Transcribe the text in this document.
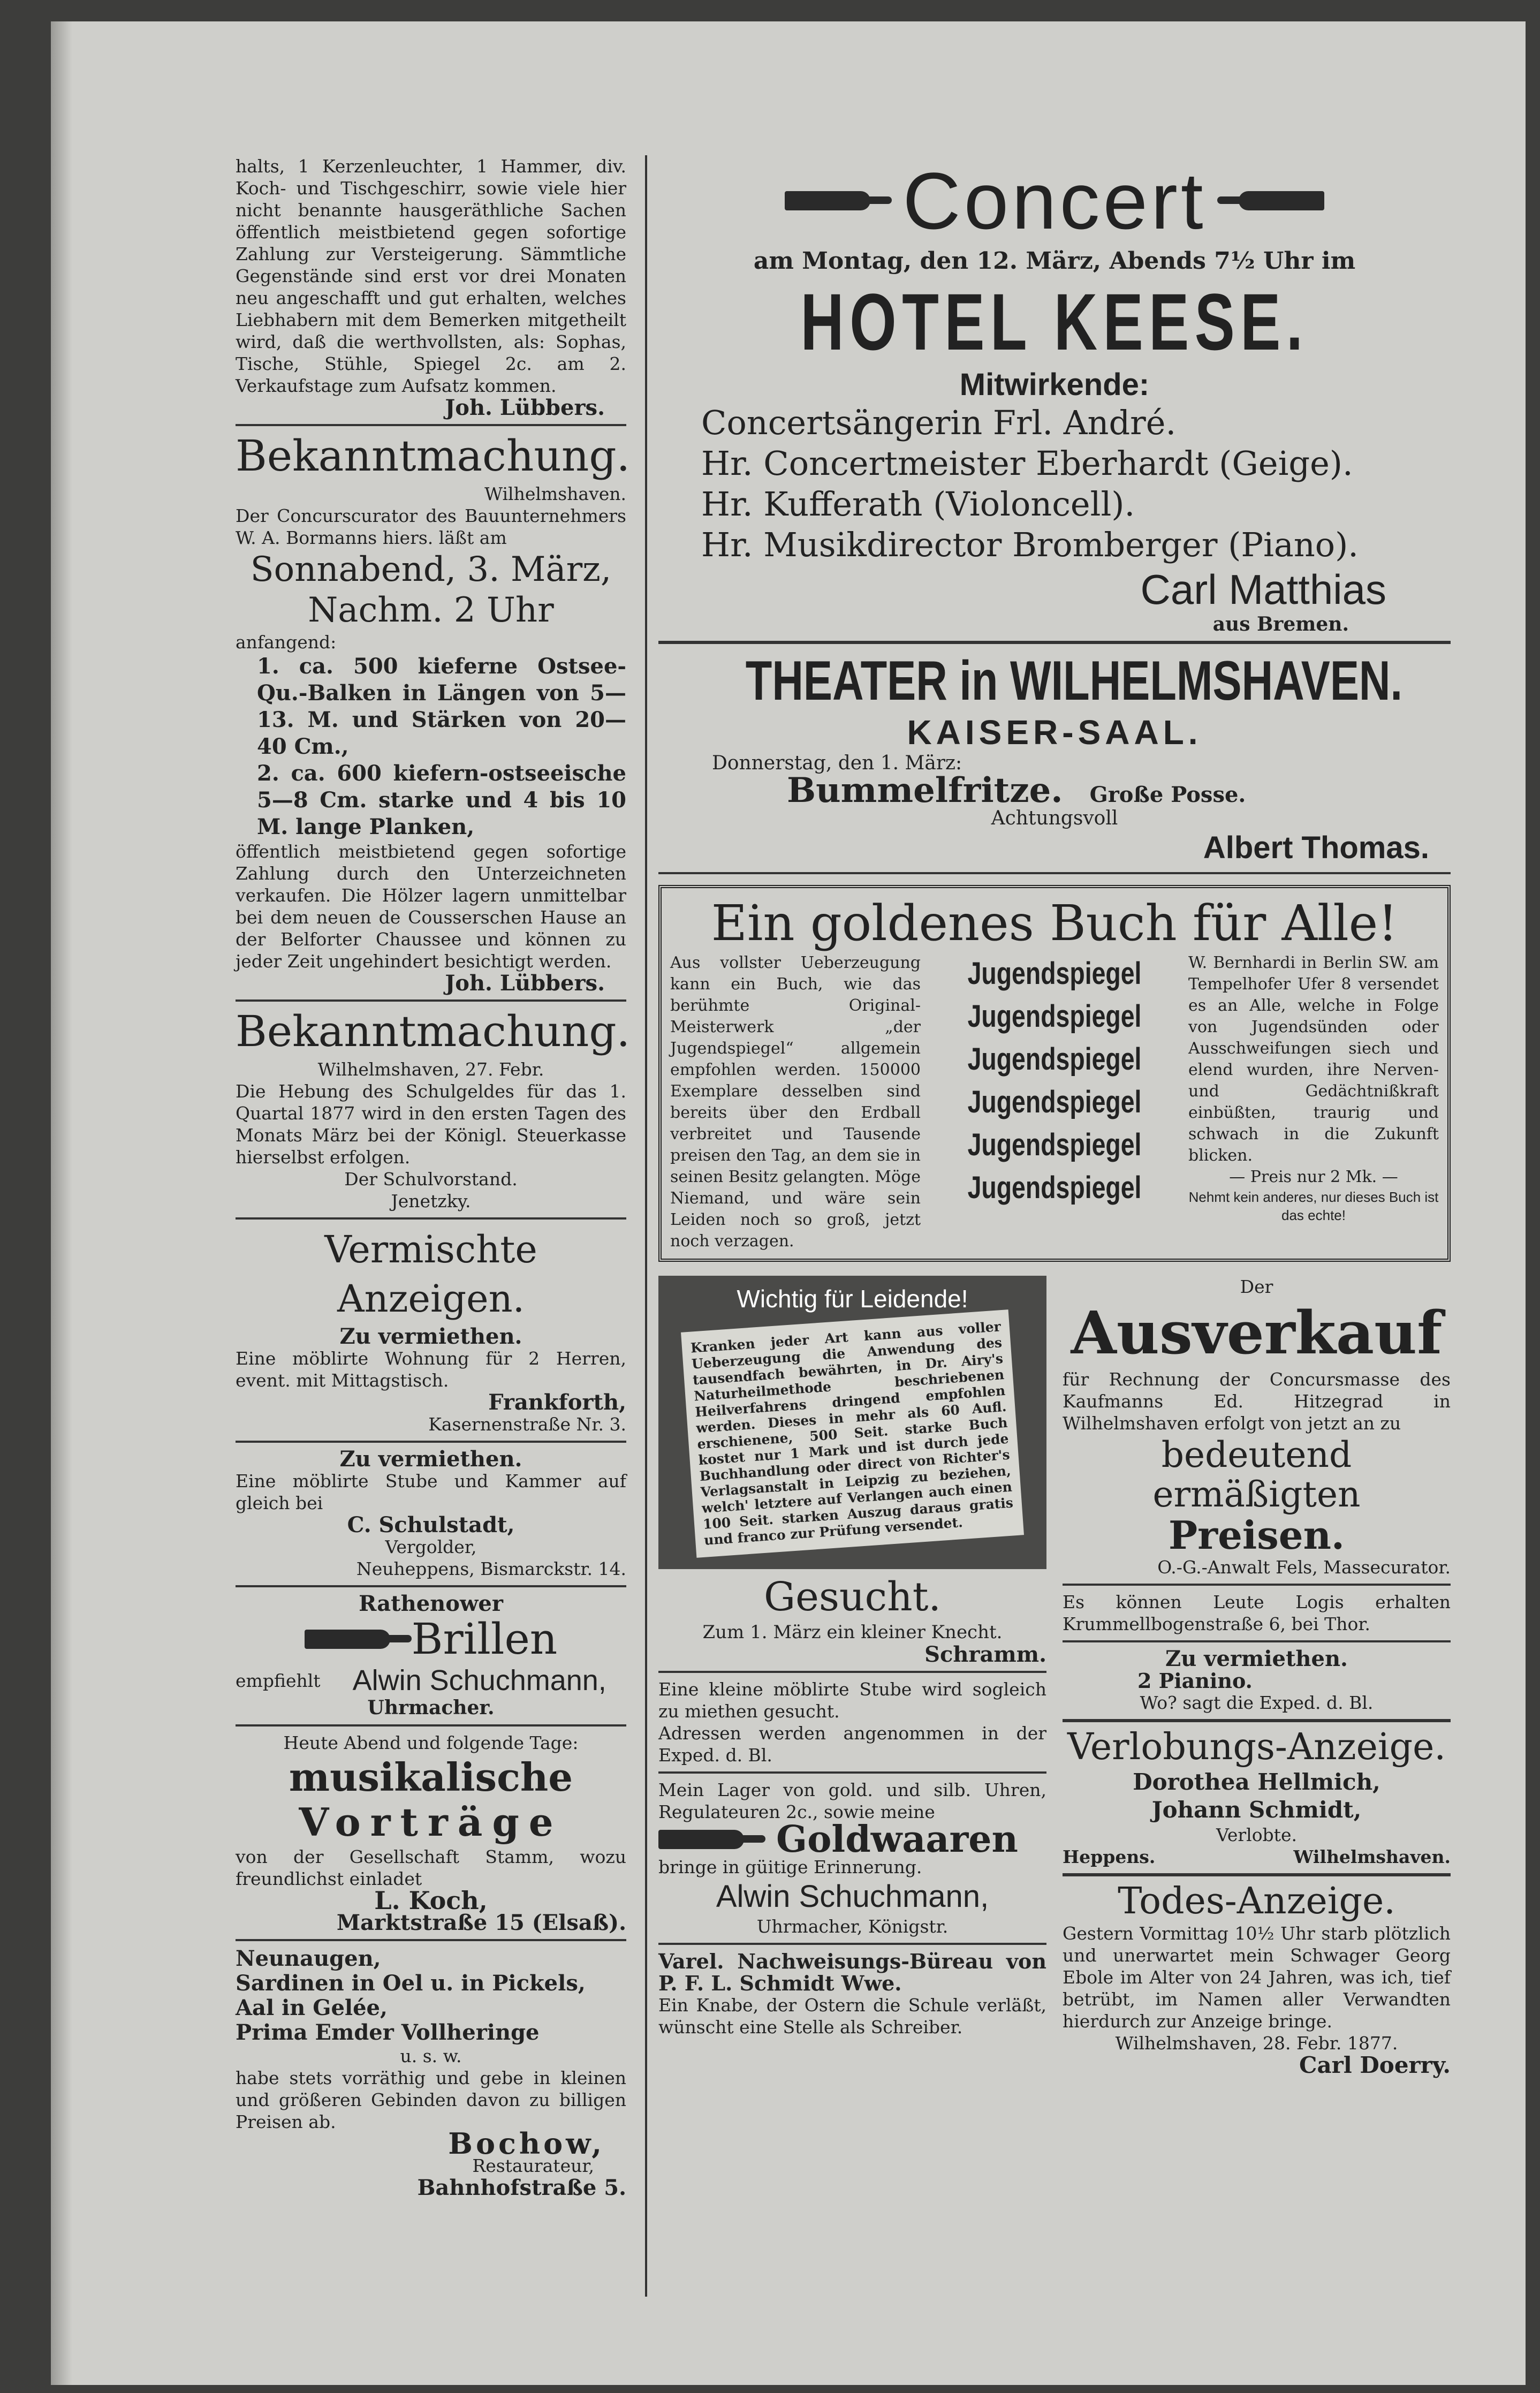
halts, 1 Kerzenleuchter, 1 Hammer, div. Koch- und Tischgeschirr, sowie viele hier nicht benannte hausgeräthliche Sachen öffentlich meistbietend gegen sofortige Zahlung zur Versteigerung. Sämmtliche Gegenstände sind erst vor drei Monaten neu angeschafft und gut erhalten, welches Liebhabern mit dem Bemerken mitgetheilt wird, daß die werthvollsten, als: Sophas, Tische, Stühle, Spiegel 2c. am 2. Verkaufstage zum Aufsatz kommen.

Joh. Lübbers.

Bekanntmachung.

Wilhelmshaven.

Der Concurscurator des Bauunternehmers W. A. Bormanns hiers. läßt am

Sonnabend, 3. März,
Nachm. 2 Uhr

anfangend:

1. ca. 500 kieferne Ostsee-Qu.-Balken in Längen von 5—13. M. und Stärken von 20—40 Cm.,

2. ca. 600 kiefern-ostseeische 5—8 Cm. starke und 4 bis 10 M. lange Planken,

öffentlich meistbietend gegen sofortige Zahlung durch den Unterzeichneten verkaufen. Die Hölzer lagern unmittelbar bei dem neuen de Cousserschen Hause an der Belforter Chaussee und können zu jeder Zeit ungehindert besichtigt werden.

Joh. Lübbers.

Bekanntmachung.

Wilhelmshaven, 27. Febr.

Die Hebung des Schulgeldes für das 1. Quartal 1877 wird in den ersten Tagen des Monats März bei der Königl. Steuerkasse hierselbst erfolgen.

Der Schulvorstand.

Jenetzky.

Vermischte Anzeigen.

Zu vermiethen.

Eine möblirte Wohnung für 2 Herren, event. mit Mittagstisch.

Frankforth,

Kasernenstraße Nr. 3.

Zu vermiethen.

Eine möblirte Stube und Kammer auf gleich bei

C. Schulstadt,

Vergolder,

Neuheppens, Bismarckstr. 14.

Rathenower

Brillen
empfiehlt Alwin Schuchmann,

Uhrmacher.

Heute Abend und folgende Tage:

musikalische
Vorträge

von der Gesellschaft Stamm, wozu freundlichst einladet

L. Koch,

Marktstraße 15 (Elsaß).

Neunaugen,

Sardinen in Oel u. in Pickels,

Aal in Gelée,

Prima Emder Vollheringe

u. s. w.

habe stets vorräthig und gebe in kleinen und größeren Gebinden davon zu billigen Preisen ab.

Bochow,

Restaurateur,

Bahnhofstraße 5.

Concert

am Montag, den 12. März, Abends 7½ Uhr im

HOTEL KEESE.
Mitwirkende:

Concertsängerin Frl. André.

Hr. Concertmeister Eberhardt (Geige).

Hr. Kufferath (Violoncell).

Hr. Musikdirector Bromberger (Piano).

Carl Matthias

aus Bremen.

THEATER in WILHELMSHAVEN.
KAISER-SAAL.

Donnerstag, den 1. März:

Bummelfritze. Große Posse.

Achtungsvoll

Albert Thomas.

Ein goldenes Buch für Alle!
Aus vollster Ueberzeugung kann ein Buch, wie das berühmte Original-Meisterwerk „der Jugendspiegel“ allgemein empfohlen werden. 150000 Exemplare desselben sind bereits über den Erdball verbreitet und Tausende preisen den Tag, an dem sie in seinen Besitz gelangten. Möge Niemand, und wäre sein Leiden noch so groß, jetzt noch verzagen.
Jugendspiegel
Jugendspiegel
Jugendspiegel
Jugendspiegel
Jugendspiegel
Jugendspiegel

W. Bernhardi in Berlin SW. am Tempelhofer Ufer 8 versendet es an Alle, welche in Folge von Jugendsünden oder Ausschweifungen siech und elend wurden, ihre Nerven- und Gedächtnißkraft einbüßten, traurig und schwach in die Zukunft blicken.

— Preis nur 2 Mk. —

Nehmt kein anderes, nur dieses Buch ist das echte!

Wichtig für Leidende!
Kranken jeder Art kann aus voller Ueberzeugung die Anwendung des tausendfach bewährten, in Dr. Airy's Naturheilmethode beschriebenen Heilverfahrens dringend empfohlen werden. Dieses in mehr als 60 Aufl. erschienene, 500 Seit. starke Buch kostet nur 1 Mark und ist durch jede Buchhandlung oder direct von Richter's Verlagsanstalt in Leipzig zu beziehen, welch' letztere auf Verlangen auch einen 100 Seit. starken Auszug daraus gratis und franco zur Prüfung versendet.
Gesucht.

Zum 1. März ein kleiner Knecht.

Schramm.

Eine kleine möblirte Stube wird sogleich zu miethen gesucht.

Adressen werden angenommen in der Exped. d. Bl.

Mein Lager von gold. und silb. Uhren, Regulateuren 2c., sowie meine

Goldwaaren

bringe in güitige Erinnerung.

Alwin Schuchmann,

Uhrmacher, Königstr.

Varel. Nachweisungs-Büreau von P. F. L. Schmidt Wwe.

Ein Knabe, der Ostern die Schule verläßt, wünscht eine Stelle als Schreiber.

Der

Ausverkauf

für Rechnung der Concursmasse des Kaufmanns Ed. Hitzegrad in Wilhelmshaven erfolgt von jetzt an zu

bedeutend ermäßigten
Preisen.

O.-G.-Anwalt Fels, Massecurator.

Es können Leute Logis erhalten Krummellbogenstraße 6, bei Thor.

Zu vermiethen.

2 Pianino.

Wo? sagt die Exped. d. Bl.

Verlobungs-Anzeige.

Dorothea Hellmich,

Johann Schmidt,

Verlobte.

Heppens.	Wilhelmshaven.
Todes-Anzeige.

Gestern Vormittag 10½ Uhr starb plötzlich und unerwartet mein Schwager Georg Ebole im Alter von 24 Jahren, was ich, tief betrübt, im Namen aller Verwandten hierdurch zur Anzeige bringe.

Wilhelmshaven, 28. Febr. 1877.

Carl Doerry.
